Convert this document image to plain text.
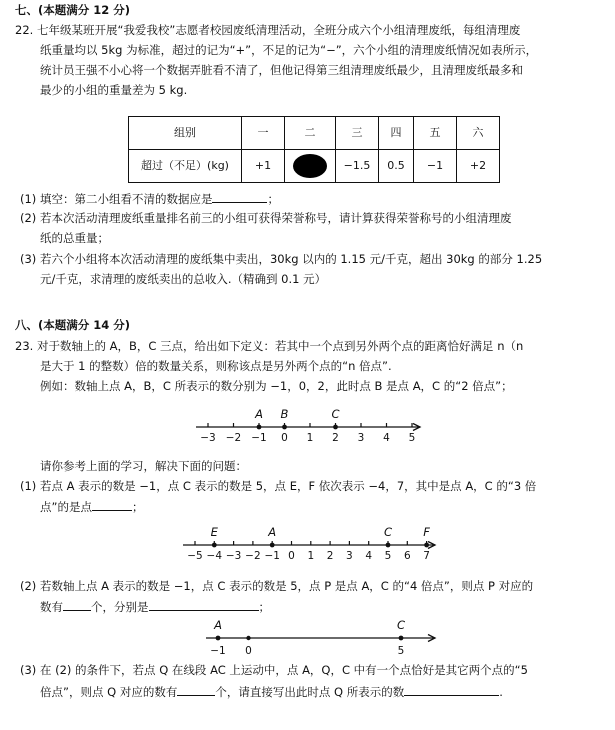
七、(本题满分 12 分)
22. 七年级某班开展“我爱我校”志愿者校园废纸清理活动，全班分成六个小组清理废纸，每组清理废
纸重量均以 5kg 为标准，超过的记为“+”，不足的记为“−”，六个小组的清理废纸情况如表所示，
统计员王强不小心将一个数据弄脏看不清了，但他记得第三组清理废纸最少，且清理废纸最多和
最少的小组的重量差为 5 kg.
组别	一	二	三	四	五	六
超过（不足）(kg)	+1		−1.5	0.5	−1	+2
(1) 填空：第二小组看不清的数据应是	；
(2) 若本次活动清理废纸重量排名前三的小组可获得荣誉称号，请计算获得荣誉称号的小组清理废
纸的总重量；
(3) 若六个小组将本次活动清理的废纸集中卖出，30kg 以内的 1.15 元/千克，超出 30kg 的部分 1.25
元/千克，求清理的废纸卖出的总收入.（精确到 0.1 元）
八、(本题满分 14 分)
23. 对于数轴上的 A，B，C 三点，给出如下定义：若其中一个点到另外两个点的距离恰好满足 n（n
是大于 1 的整数）倍的数量关系，则称该点是另外两个点的“n 倍点”.
例如：数轴上点 A，B，C 所表示的数分别为 −1，0，2，此时点 B 是点 A，C 的“2 倍点”；
−3 −2 −1 0 1 2 3 4 5
A B	C
请你参考上面的学习，解决下面的问题：
(1) 若点 A 表示的数是 −1，点 C 表示的数是 5，点 E，F 依次表示 −4，7，其中是点 A，C 的“3 倍
点”的是点	；
−5 −4 −3 −2 −1 0 1 2 3 4 5 6 7
E	A	C	F
(2) 若数轴上点 A 表示的数是 −1，点 C 表示的数是 5，点 P 是点 A，C 的“4 倍点”，则点 P 对应的
数有 个，分别是	；
−1 0	5
A	C
(3) 在 (2) 的条件下，若点 Q 在线段 AC 上运动中，点 A，Q，C 中有一个点恰好是其它两个点的“5
倍点”，则点 Q 对应的数有	个，请直接写出此时点 Q 所表示的数	.
